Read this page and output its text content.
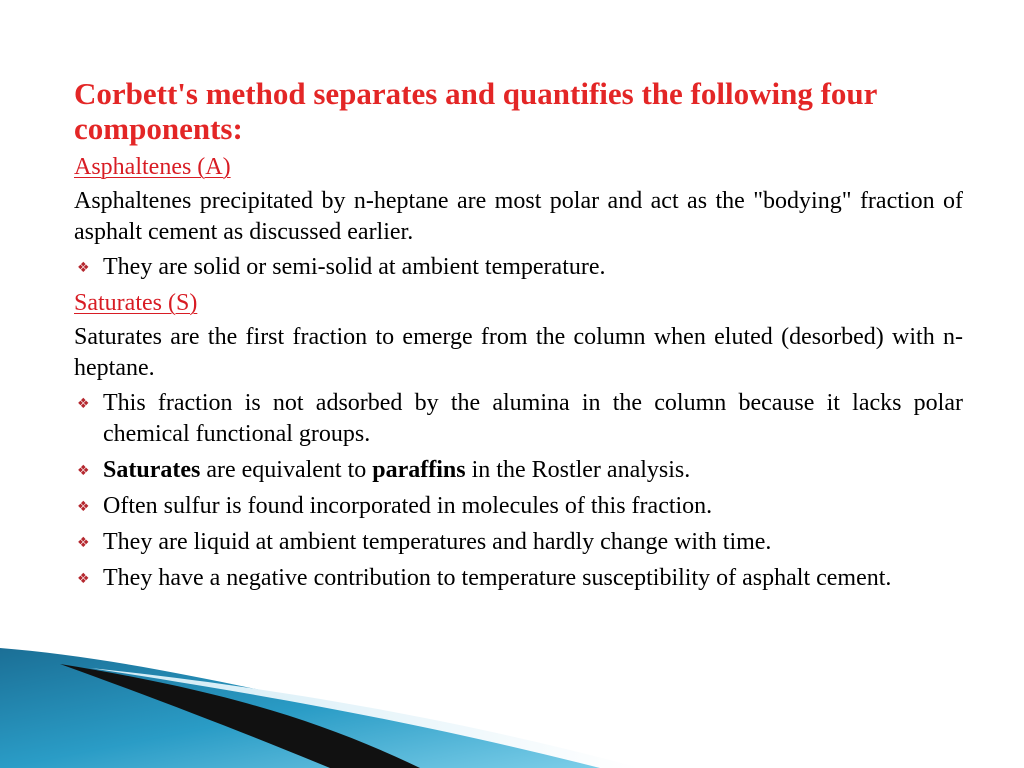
Corbett's method separates and quantifies the following four components:
Asphaltenes (A)
Asphaltenes precipitated by n-heptane are most polar and act as the "bodying" fraction of asphalt cement as discussed earlier.
❖ They are solid or semi-solid at ambient temperature.
Saturates (S)
Saturates are the first fraction to emerge from the column when eluted (desorbed) with n-heptane.
❖ This fraction is not adsorbed by the alumina in the column because it lacks polar chemical functional groups.
❖ Saturates are equivalent to paraffins in the Rostler analysis.
❖ Often sulfur is found incorporated in molecules of this fraction.
❖ They are liquid at ambient temperatures and hardly change with time.
❖ They have a negative contribution to temperature susceptibility of asphalt cement.
